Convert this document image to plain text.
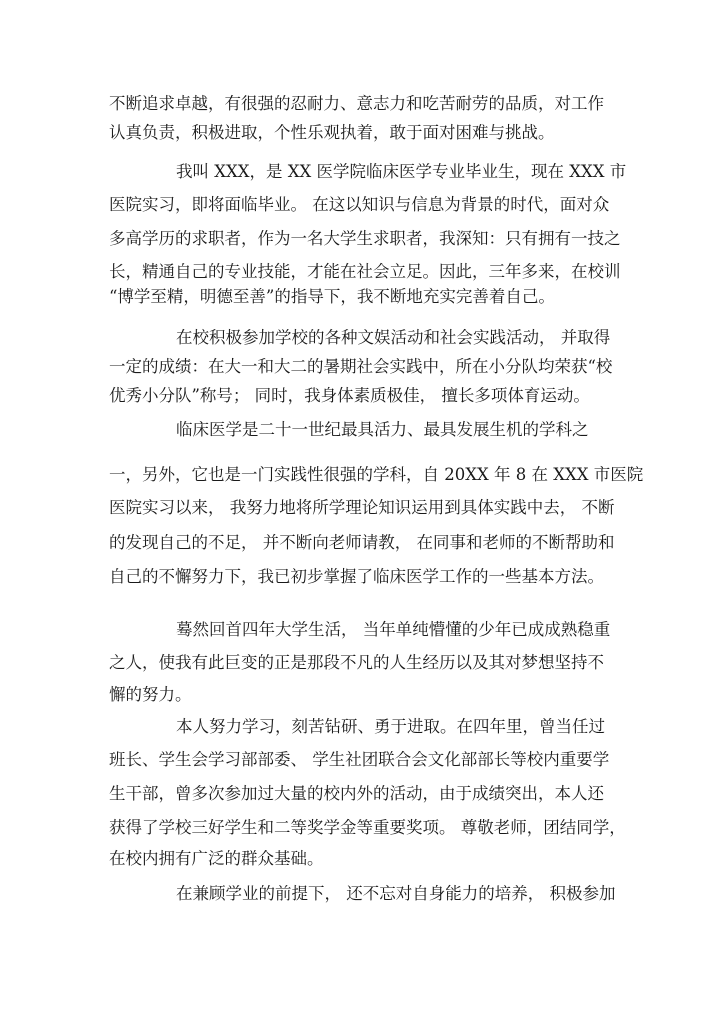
不断追求卓越，有很强的忍耐力、意志力和吃苦耐劳的品质，对工作
认真负责，积极进取，个性乐观执着，敢于面对困难与挑战。
我叫 XXX，是 XX 医学院临床医学专业毕业生，现在 XXX 市
医院实习，即将面临毕业。 在这以知识与信息为背景的时代，面对众
多高学历的求职者，作为一名大学生求职者，我深知：只有拥有一技之
长，精通自己的专业技能，才能在社会立足。因此，三年多来，在校训
“博学至精，明德至善”的指导下，我不断地充实完善着自己。
在校积极参加学校的各种文娱活动和社会实践活动， 并取得
一定的成绩：在大一和大二的暑期社会实践中，所在小分队均荣获“校
优秀小分队”称号； 同时，我身体素质极佳， 擅长多项体育运动。
临床医学是二十一世纪最具活力、最具发展生机的学科之
一，另外，它也是一门实践性很强的学科，自 20XX 年 8 在 XXX 市医院
医院实习以来， 我努力地将所学理论知识运用到具体实践中去， 不断
的发现自己的不足， 并不断向老师请教， 在同事和老师的不断帮助和
自己的不懈努力下，我已初步掌握了临床医学工作的一些基本方法。
蓦然回首四年大学生活， 当年单纯懵懂的少年已成成熟稳重
之人，使我有此巨变的正是那段不凡的人生经历以及其对梦想坚持不
懈的努力。
本人努力学习，刻苦钻研、勇于进取。在四年里，曾当任过
班长、学生会学习部部委、 学生社团联合会文化部部长等校内重要学
生干部，曾多次参加过大量的校内外的活动，由于成绩突出，本人还
获得了学校三好学生和二等奖学金等重要奖项。 尊敬老师，团结同学，
在校内拥有广泛的群众基础。
在兼顾学业的前提下， 还不忘对自身能力的培养， 积极参加
